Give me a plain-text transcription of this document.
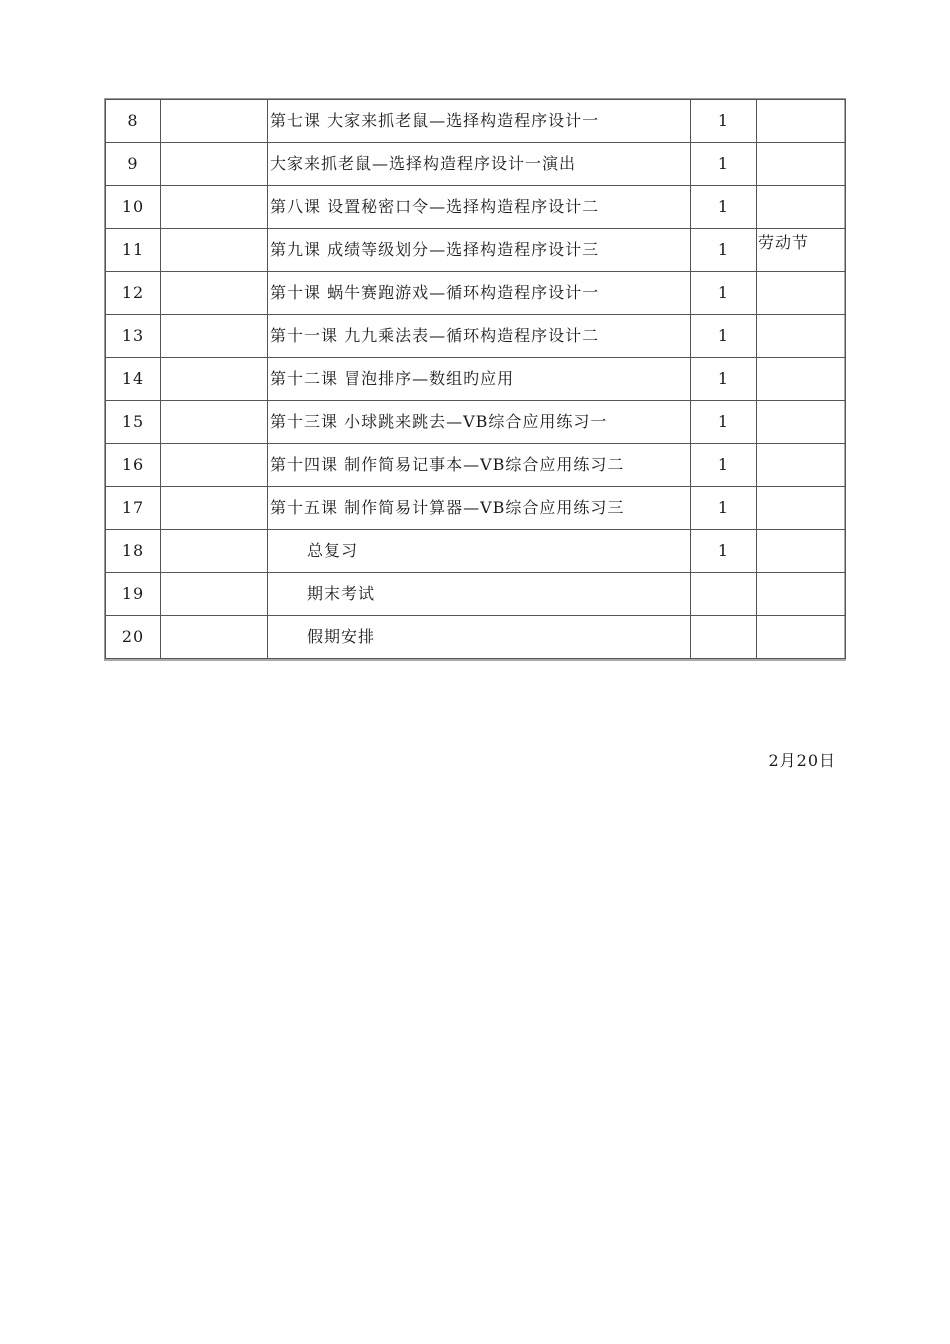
8		第七课 大家来抓老鼠—选择构造程序设计一	1	
9		大家来抓老鼠—选择构造程序设计一演出	1	
10		第八课 设置秘密口令—选择构造程序设计二	1	
11		第九课 成绩等级划分—选择构造程序设计三	1	劳动节
12		第十课 蜗牛赛跑游戏—循环构造程序设计一	1	
13		第十一课 九九乘法表—循环构造程序设计二	1	
14		第十二课 冒泡排序—数组旳应用	1	
15		第十三课 小球跳来跳去—VB综合应用练习一	1	
16		第十四课 制作简易记事本—VB综合应用练习二	1	
17		第十五课 制作简易计算器—VB综合应用练习三	1	
18		总复习	1	
19		期末考试		
20		假期安排		
2月20日
